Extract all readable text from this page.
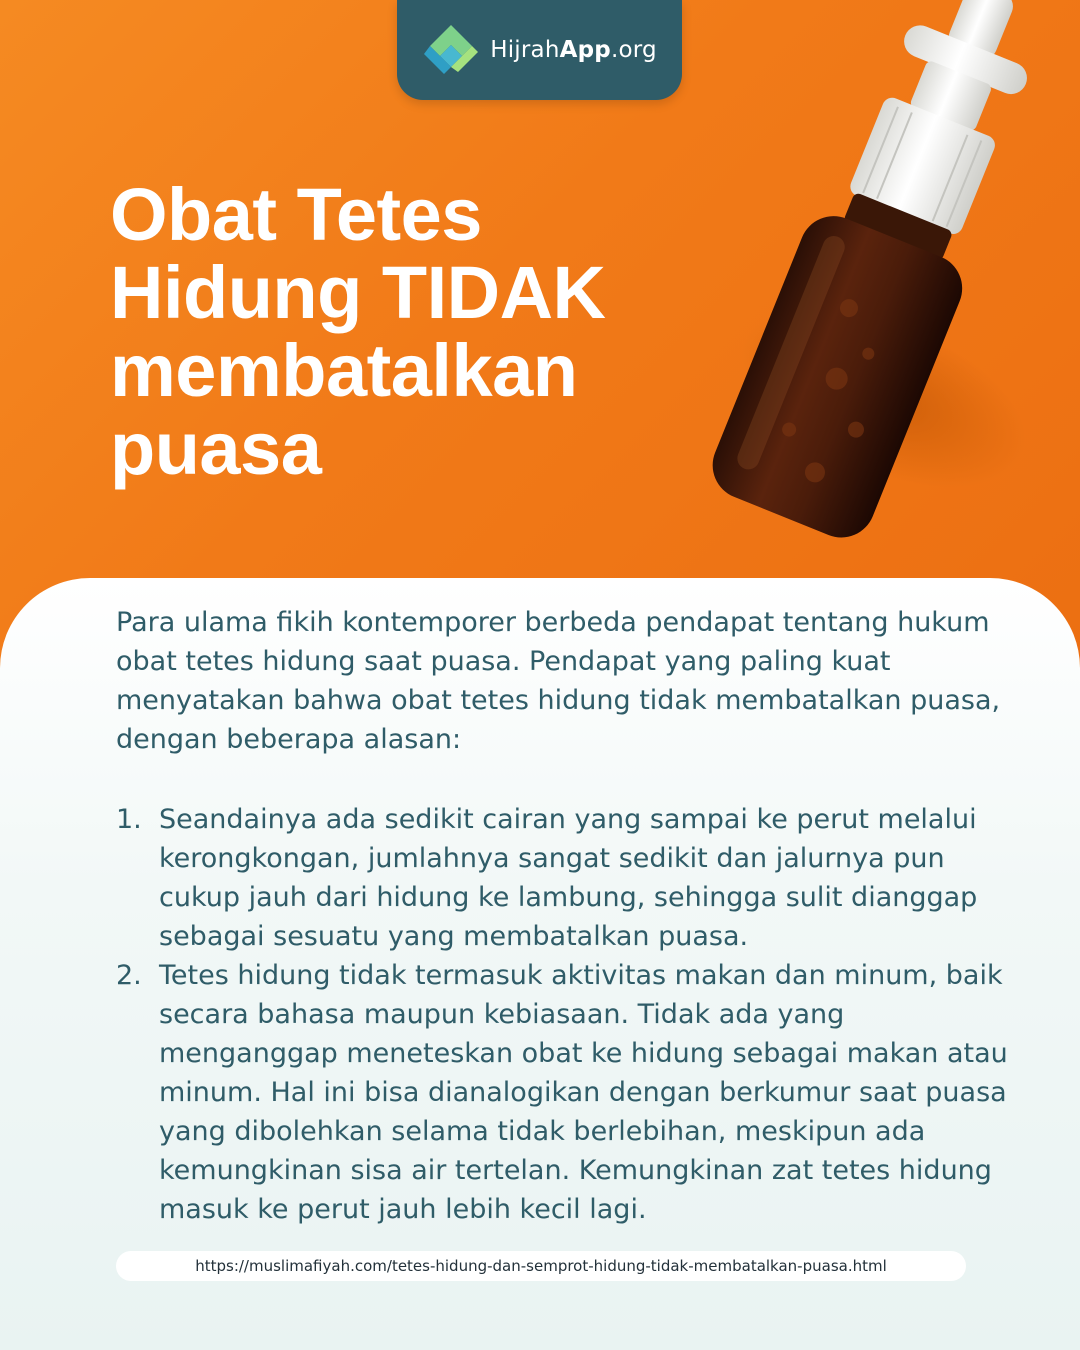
HijrahApp.org
Obat Tetes Hidung TIDAK membatalkan puasa

Para ulama fikih kontemporer berbeda pendapat tentang hukum obat tetes hidung saat puasa. Pendapat yang paling kuat menyatakan bahwa obat tetes hidung tidak membatalkan puasa, dengan beberapa alasan:

1. Seandainya ada sedikit cairan yang sampai ke perut melalui kerongkongan, jumlahnya sangat sedikit dan jalurnya pun cukup jauh dari hidung ke lambung, sehingga sulit dianggap sebagai sesuatu yang membatalkan puasa.
2. Tetes hidung tidak termasuk aktivitas makan dan minum, baik secara bahasa maupun kebiasaan. Tidak ada yang menganggap meneteskan obat ke hidung sebagai makan atau minum. Hal ini bisa dianalogikan dengan berkumur saat puasa yang dibolehkan selama tidak berlebihan, meskipun ada kemungkinan sisa air tertelan. Kemungkinan zat tetes hidung masuk ke perut jauh lebih kecil lagi.
https://muslimafiyah.com/tetes-hidung-dan-semprot-hidung-tidak-membatalkan-puasa.html
